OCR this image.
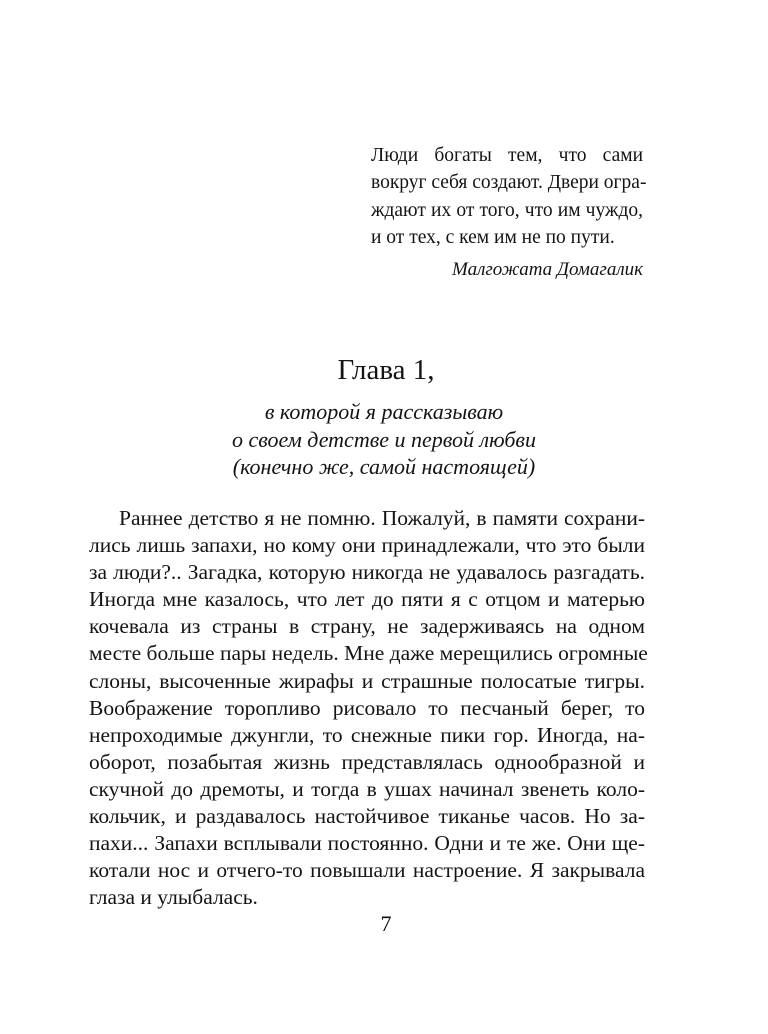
Люди богаты тем, что сами
вокруг себя создают. Двери огра-
ждают их от того, что им чуждо,
и от тех, с кем им не по пути.
Малгожата Домагалик
Глава 1,
в которой я рассказываю
о своем детстве и первой любви
(конечно же, самой настоящей)
Раннее детство я не помню. Пожалуй, в памяти сохрани-
лись лишь запахи, но кому они принадлежали, что это были
за люди?.. Загадка, которую никогда не удавалось разгадать.
Иногда мне казалось, что лет до пяти я с отцом и матерью
кочевала из страны в страну, не задерживаясь на одном
месте больше пары недель. Мне даже мерещились огромные
слоны, высоченные жирафы и страшные полосатые тигры.
Воображение торопливо рисовало то песчаный берег, то
непроходимые джунгли, то снежные пики гор. Иногда, на-
оборот, позабытая жизнь представлялась однообразной и
скучной до дремоты, и тогда в ушах начинал звенеть коло-
кольчик, и раздавалось настойчивое тиканье часов. Но за-
пахи... Запахи всплывали постоянно. Одни и те же. Они ще-
котали нос и отчего-то повышали настроение. Я закрывала
глаза и улыбалась.
7
